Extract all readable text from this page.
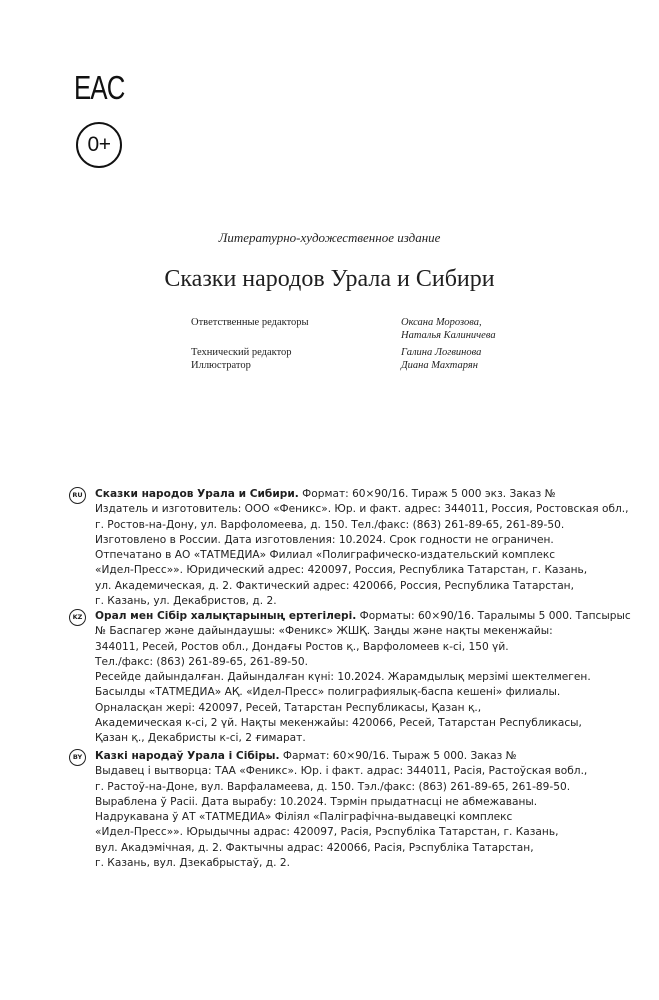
EAC
0+
Литературно-художественное издание
Сказки народов Урала и Сибири
Ответственные редакторы	Оксана Морозова,
Наталья Калиничева
Технический редактор	Галина Логвинова
Иллюстратор	Диана Махтарян
RU	Сказки народов Урала и Сибири. Формат: 60×90/16. Тираж 5 000 экз. Заказ №
Издатель и изготовитель: ООО «Феникс». Юр. и факт. адрес: 344011, Россия, Ростовская обл.,
г. Ростов-на-Дону, ул. Варфоломеева, д. 150. Тел./факс: (863) 261-89-65, 261-89-50.
Изготовлено в России. Дата изготовления: 10.2024. Срок годности не ограничен.
Отпечатано в АО «ТАТМЕДИА» Филиал «Полиграфическо-издательский комплекс
«Идел-Пресс»». Юридический адрес: 420097, Россия, Республика Татарстан, г. Казань,
ул. Академическая, д. 2. Фактический адрес: 420066, Россия, Республика Татарстан,
г. Казань, ул. Декабристов, д. 2.
KZ	Орал мен Сібір халықтарының ертегілері. Форматы: 60×90/16. Таралымы 5 000. Тапсырыс
№ Баспагер және дайындаушы: «Феникс» ЖШҚ. Заңды және нақты мекенжайы:
344011, Ресей, Ростов обл., Дондағы Ростов қ., Варфоломеев к-сі, 150 үй.
Тел./факс: (863) 261-89-65, 261-89-50.
Ресейде дайындалған. Дайындалған күні: 10.2024. Жарамдылық мерзімі шектелмеген.
Басылды «ТАТМЕДИА» АҚ. «Идел-Пресс» полиграфиялық-баспа кешені» филиалы.
Орналасқан жері: 420097, Ресей, Татарстан Республикасы, Қазан қ.,
Академическая к-сі, 2 үй. Нақты мекенжайы: 420066, Ресей, Татарстан Республикасы,
Қазан қ., Декабристы к-сі, 2 ғимарат.
BY	Казкі народаў Урала і Сібіры. Фармат: 60×90/16. Тыраж 5 000. Заказ №
Выдавец і вытворца: ТАА «Феникс». Юр. і факт. адрас: 344011, Расія, Растоўская вобл.,
г. Растоў-на-Доне, вул. Варфаламеева, д. 150. Тэл./факс: (863) 261-89-65, 261-89-50.
Выраблена ў Расіі. Дата вырабу: 10.2024. Тэрмін прыдатнасці не абмежаваны.
Надрукавана ў АТ «ТАТМЕДИА» Філіял «Паліграфічна-выдавецкі комплекс
«Идел-Пресс»». Юрыдычны адрас: 420097, Расія, Рэспубліка Татарстан, г. Казань,
вул. Акадэмічная, д. 2. Фактычны адрас: 420066, Расія, Рэспубліка Татарстан,
г. Казань, вул. Дзекабрыстаў, д. 2.
